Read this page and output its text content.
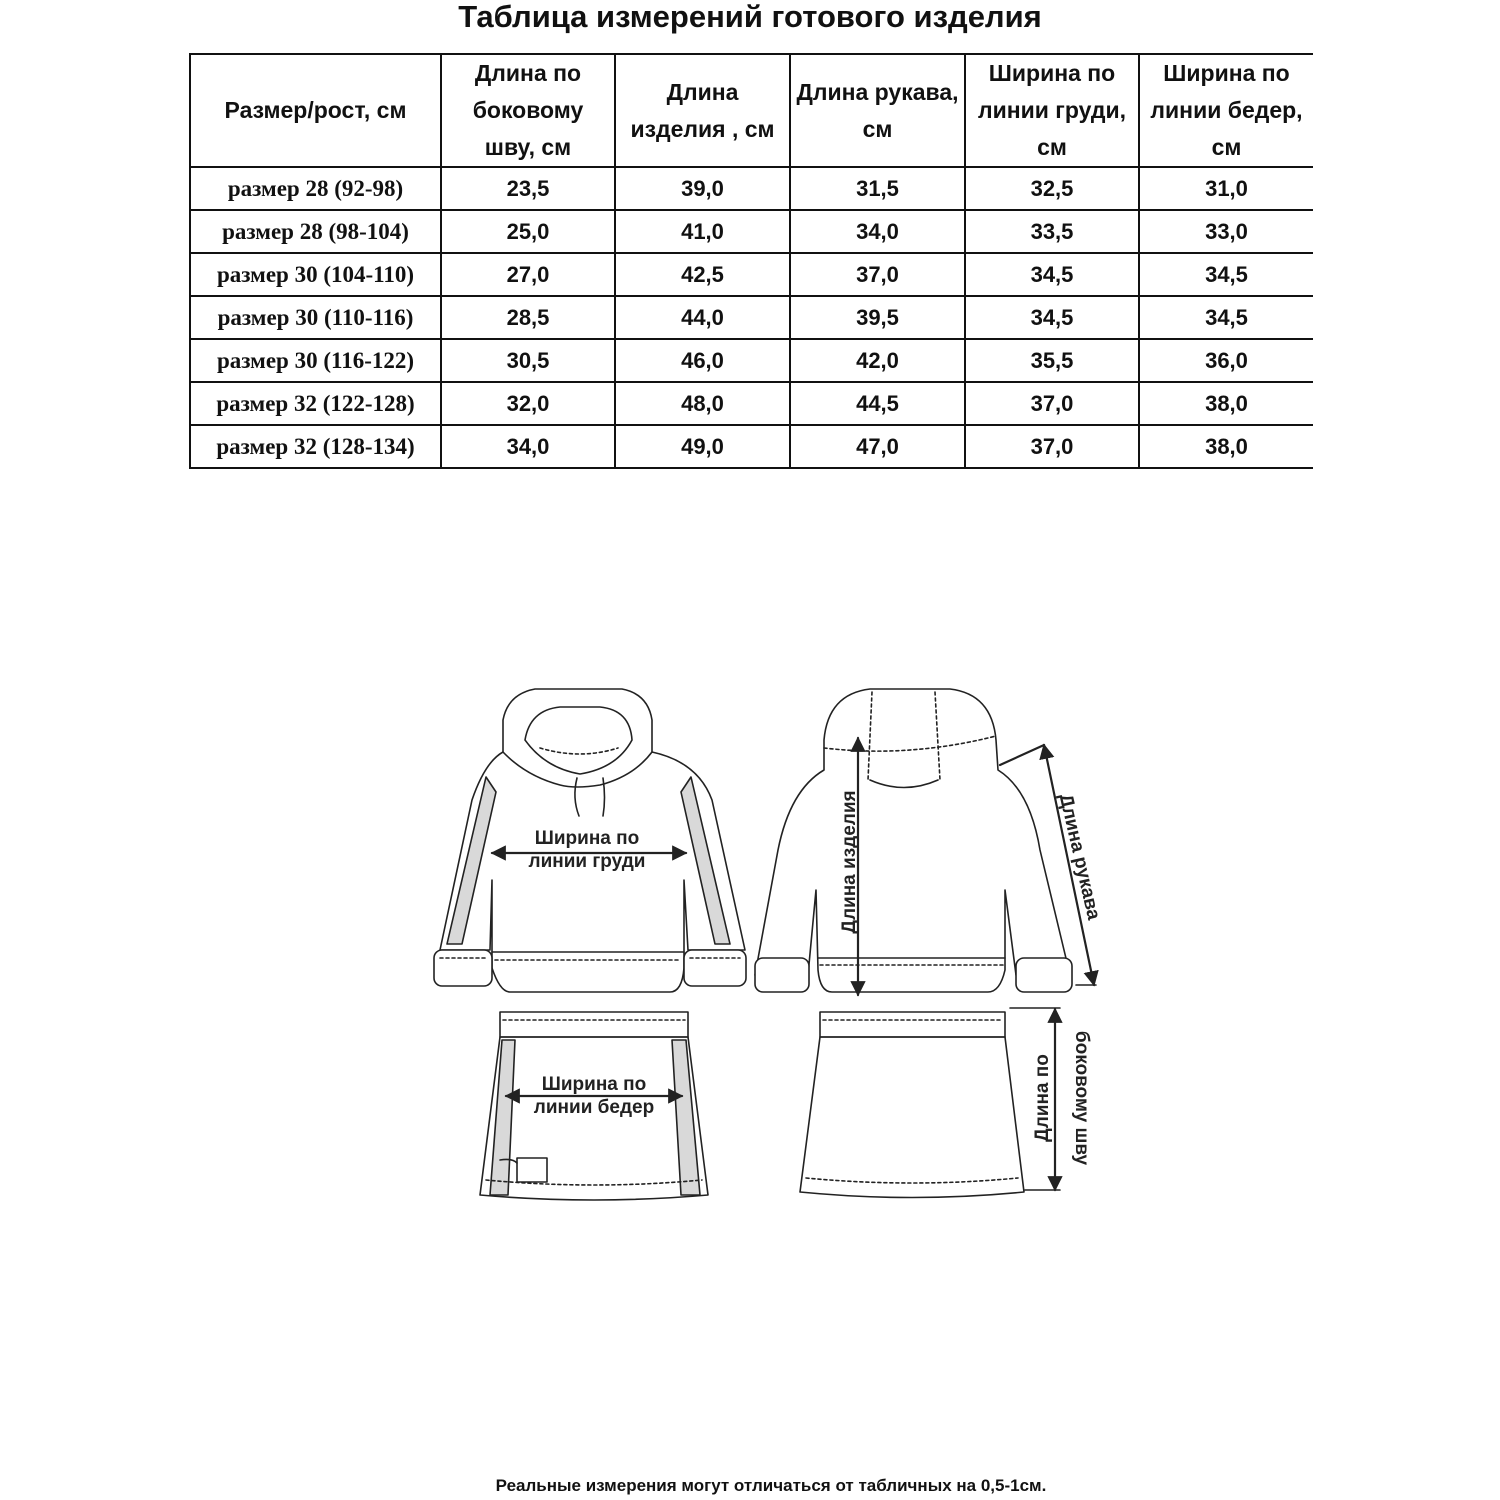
Таблица измерений готового изделия
Размер/рост, см	Длина по боковому шву, см	Длина изделия , см	Длина рукава, см	Ширина по линии груди, см	Ширина по линии бедер, см
размер 28 (92-98)	23,5	39,0	31,5	32,5	31,0
размер 28 (98-104)	25,0	41,0	34,0	33,5	33,0
размер 30 (104-110)	27,0	42,5	37,0	34,5	34,5
размер 30 (110-116)	28,5	44,0	39,5	34,5	34,5
размер 30 (116-122)	30,5	46,0	42,0	35,5	36,0
размер 32 (122-128)	32,0	48,0	44,5	37,0	38,0
размер 32 (128-134)	34,0	49,0	47,0	37,0	38,0
Ширина по
линии груди	Длина изделия	Длина рукава
Ширина по
линии бедер	Длина по боковому шву
Реальные измерения могут отличаться от табличных на 0,5-1см.
